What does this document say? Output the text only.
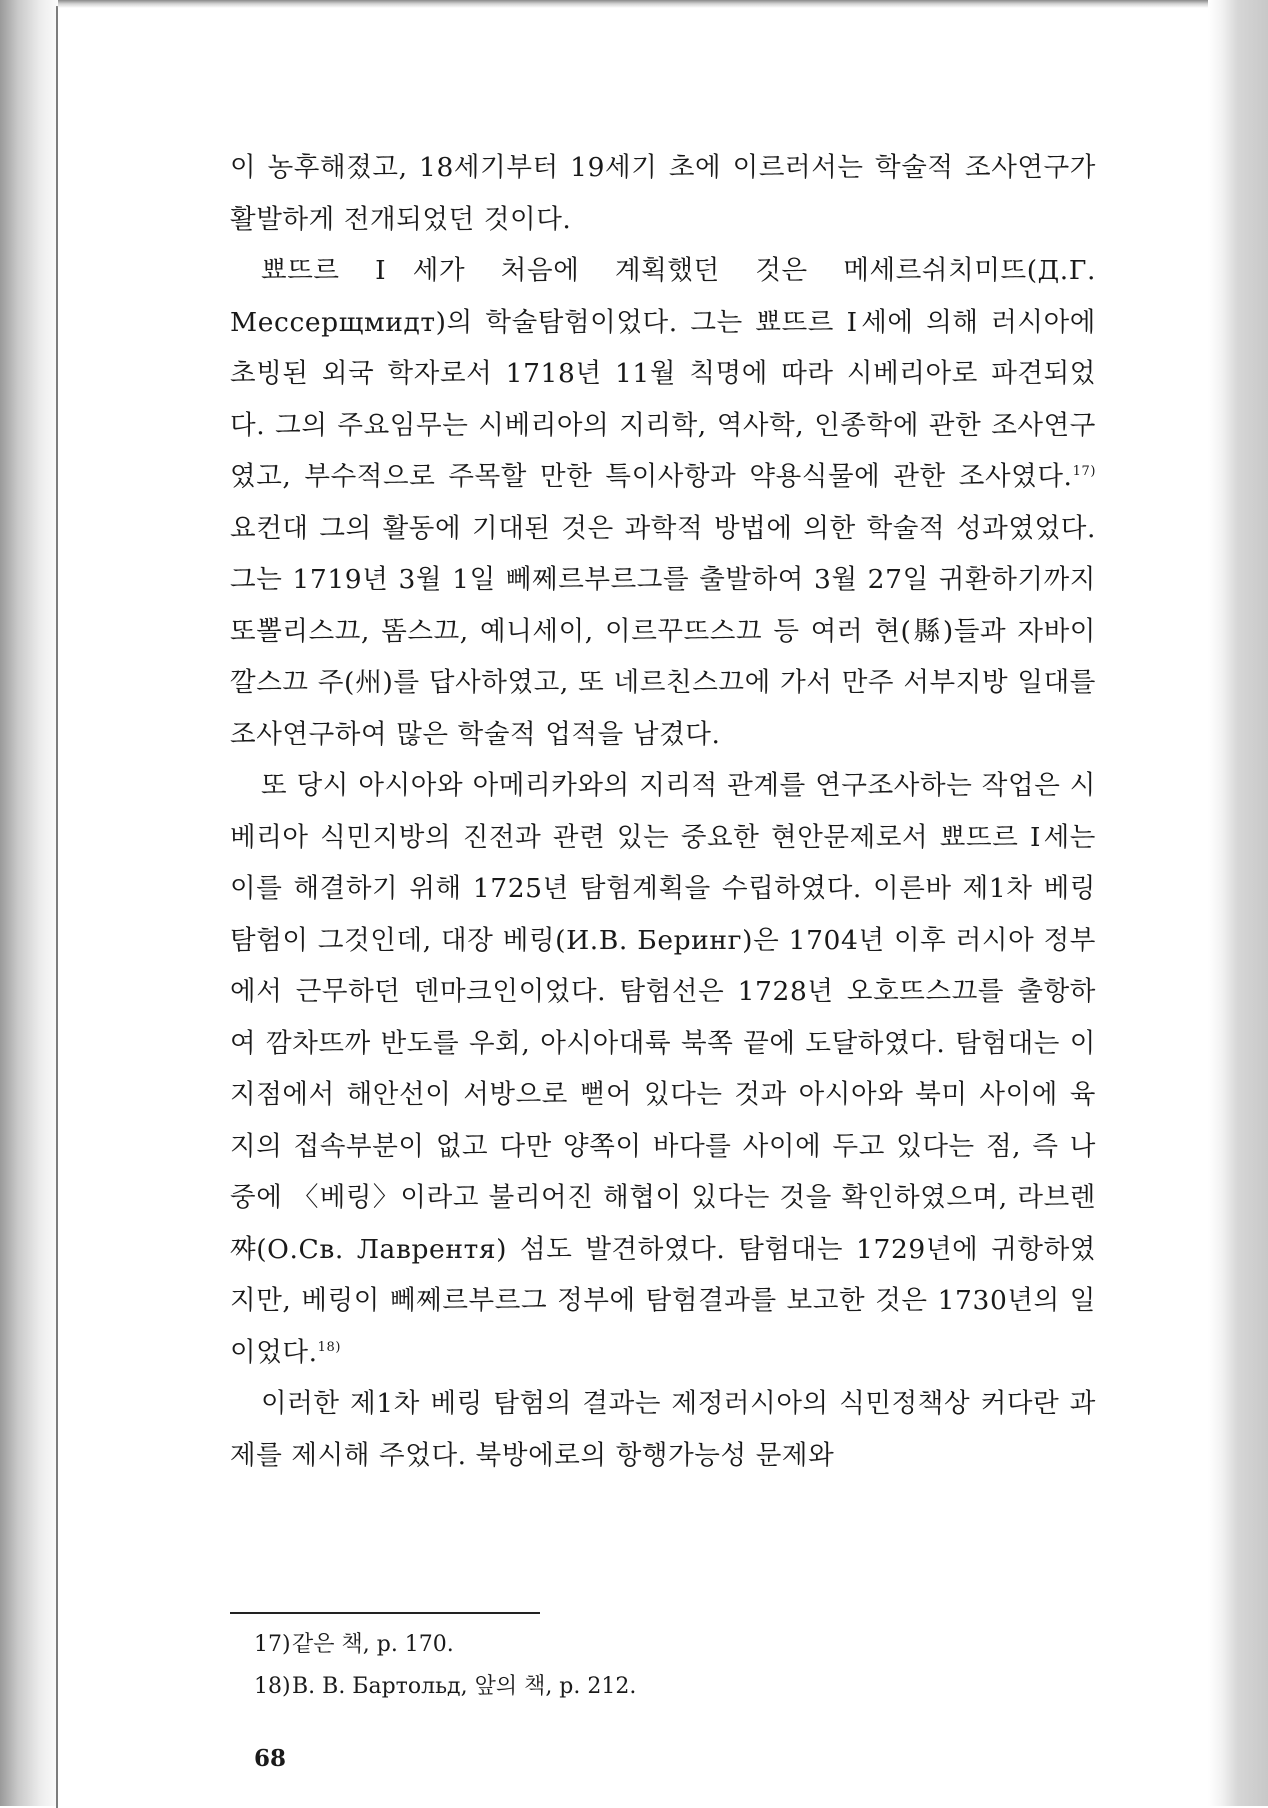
이 농후해졌고, 18세기부터 19세기 초에 이르러서는 학술적 조사연구가 활발하게 전개되었던 것이다.

뾰뜨르 Ⅰ세가 처음에 계획했던 것은 메세르쉬치미뜨(Д.Г. Мессерщмидт)의 학술탐험이었다. 그는 뾰뜨르 Ⅰ세에 의해 러시아에 초빙된 외국 학자로서 1718년 11월 칙명에 따라 시베리아로 파견되었다. 그의 주요임무는 시베리아의 지리학, 역사학, 인종학에 관한 조사연구였고, 부수적으로 주목할 만한 특이사항과 약용식물에 관한 조사였다.$^{17)}$ 요컨대 그의 활동에 기대된 것은 과학적 방법에 의한 학술적 성과였었다. 그는 1719년 3월 1일 뻬쩨르부르그를 출발하여 3월 27일 귀환하기까지 또뽈리스끄, 똠스끄, 예니세이, 이르꾸뜨스끄 등 여러 현(縣)들과 자바이깔스끄 주(州)를 답사하였고, 또 네르친스끄에 가서 만주 서부지방 일대를 조사연구하여 많은 학술적 업적을 남겼다.

또 당시 아시아와 아메리카와의 지리적 관계를 연구조사하는 작업은 시베리아 식민지방의 진전과 관련 있는 중요한 현안문제로서 뾰뜨르 Ⅰ세는 이를 해결하기 위해 1725년 탐험계획을 수립하였다. 이른바 제1차 베링 탐험이 그것인데, 대장 베링(И.В. Беринг)은 1704년 이후 러시아 정부에서 근무하던 덴마크인이었다. 탐험선은 1728년 오호뜨스끄를 출항하여 깜차뜨까 반도를 우회, 아시아대륙 북쪽 끝에 도달하였다. 탐험대는 이 지점에서 해안선이 서방으로 뻗어 있다는 것과 아시아와 북미 사이에 육지의 접속부분이 없고 다만 양쪽이 바다를 사이에 두고 있다는 점, 즉 나중에 〈베링〉이라고 불리어진 해협이 있다는 것을 확인하였으며, 라브렌쨔(О.Св. Лаврентя) 섬도 발견하였다. 탐험대는 1729년에 귀항하였지만, 베링이 뻬쩨르부르그 정부에 탐험결과를 보고한 것은 1730년의 일이었다.$^{18)}$

이러한 제1차 베링 탐험의 결과는 제정러시아의 식민정책상 커다란 과제를 제시해 주었다. 북방에로의 항행가능성 문제와

17)같은 책, p. 170.

18)В. В. Бартольд, 앞의 책, p. 212.

68
